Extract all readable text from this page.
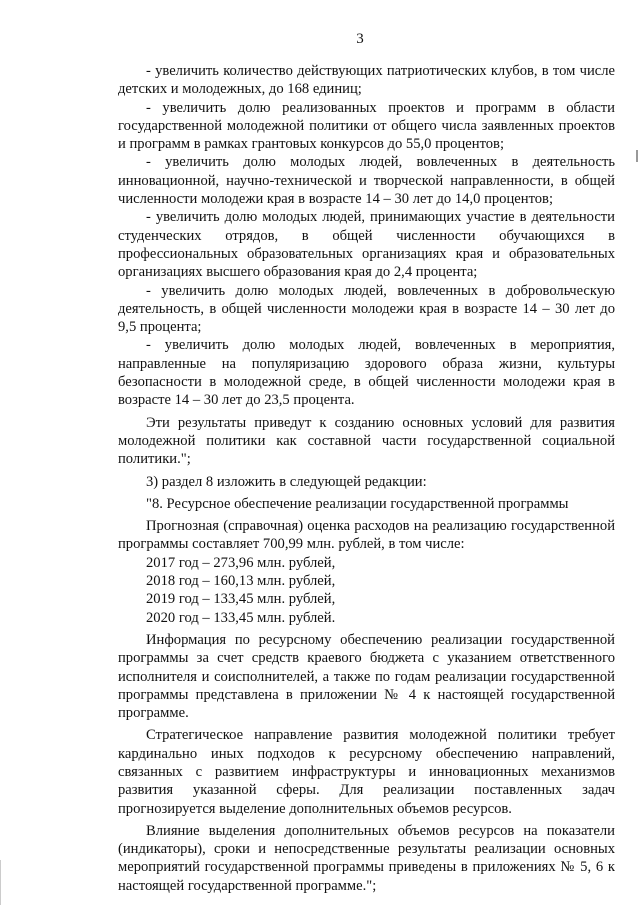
3

- увеличить количество действующих патриотических клубов, в том числе детских и молодежных, до 168 единиц;

- увеличить долю реализованных проектов и программ в области государственной молодежной политики от общего числа заявленных проектов и программ в рамках грантовых конкурсов до 55,0 процентов;

- увеличить долю молодых людей, вовлеченных в деятельность инновационной, научно-технической и творческой направленности, в общей численности молодежи края в возрасте 14 – 30 лет до 14,0 процентов;

- увеличить долю молодых людей, принимающих участие в деятельности студенческих отрядов, в общей численности обучающихся в профессиональных образовательных организациях края и образовательных организациях высшего образования края до 2,4 процента;

- увеличить долю молодых людей, вовлеченных в добровольческую деятельность, в общей численности молодежи края в возрасте 14 – 30 лет до 9,5 процента;

- увеличить долю молодых людей, вовлеченных в мероприятия, направленные на популяризацию здорового образа жизни, культуры безопасности в молодежной среде, в общей численности молодежи края в возрасте 14 – 30 лет до 23,5 процента.

Эти результаты приведут к созданию основных условий для развития молодежной политики как составной части государственной социальной политики.";

3) раздел 8 изложить в следующей редакции:

"8. Ресурсное обеспечение реализации государственной программы

Прогнозная (справочная) оценка расходов на реализацию государственной программы составляет 700,99 млн. рублей, в том числе:

2017 год – 273,96 млн. рублей,

2018 год – 160,13 млн. рублей,

2019 год – 133,45 млн. рублей,

2020 год – 133,45 млн. рублей.

Информация по ресурсному обеспечению реализации государственной программы за счет средств краевого бюджета с указанием ответственного исполнителя и соисполнителей, а также по годам реализации государственной программы представлена в приложении № 4 к настоящей государственной программе.

Стратегическое направление развития молодежной политики требует кардинально иных подходов к ресурсному обеспечению направлений, связанных с развитием инфраструктуры и инновационных механизмов развития указанной сферы. Для реализации поставленных задач прогнозируется выделение дополнительных объемов ресурсов.

Влияние выделения дополнительных объемов ресурсов на показатели (индикаторы), сроки и непосредственные результаты реализации основных мероприятий государственной программы приведены в приложениях № 5, 6 к настоящей государственной программе.";
